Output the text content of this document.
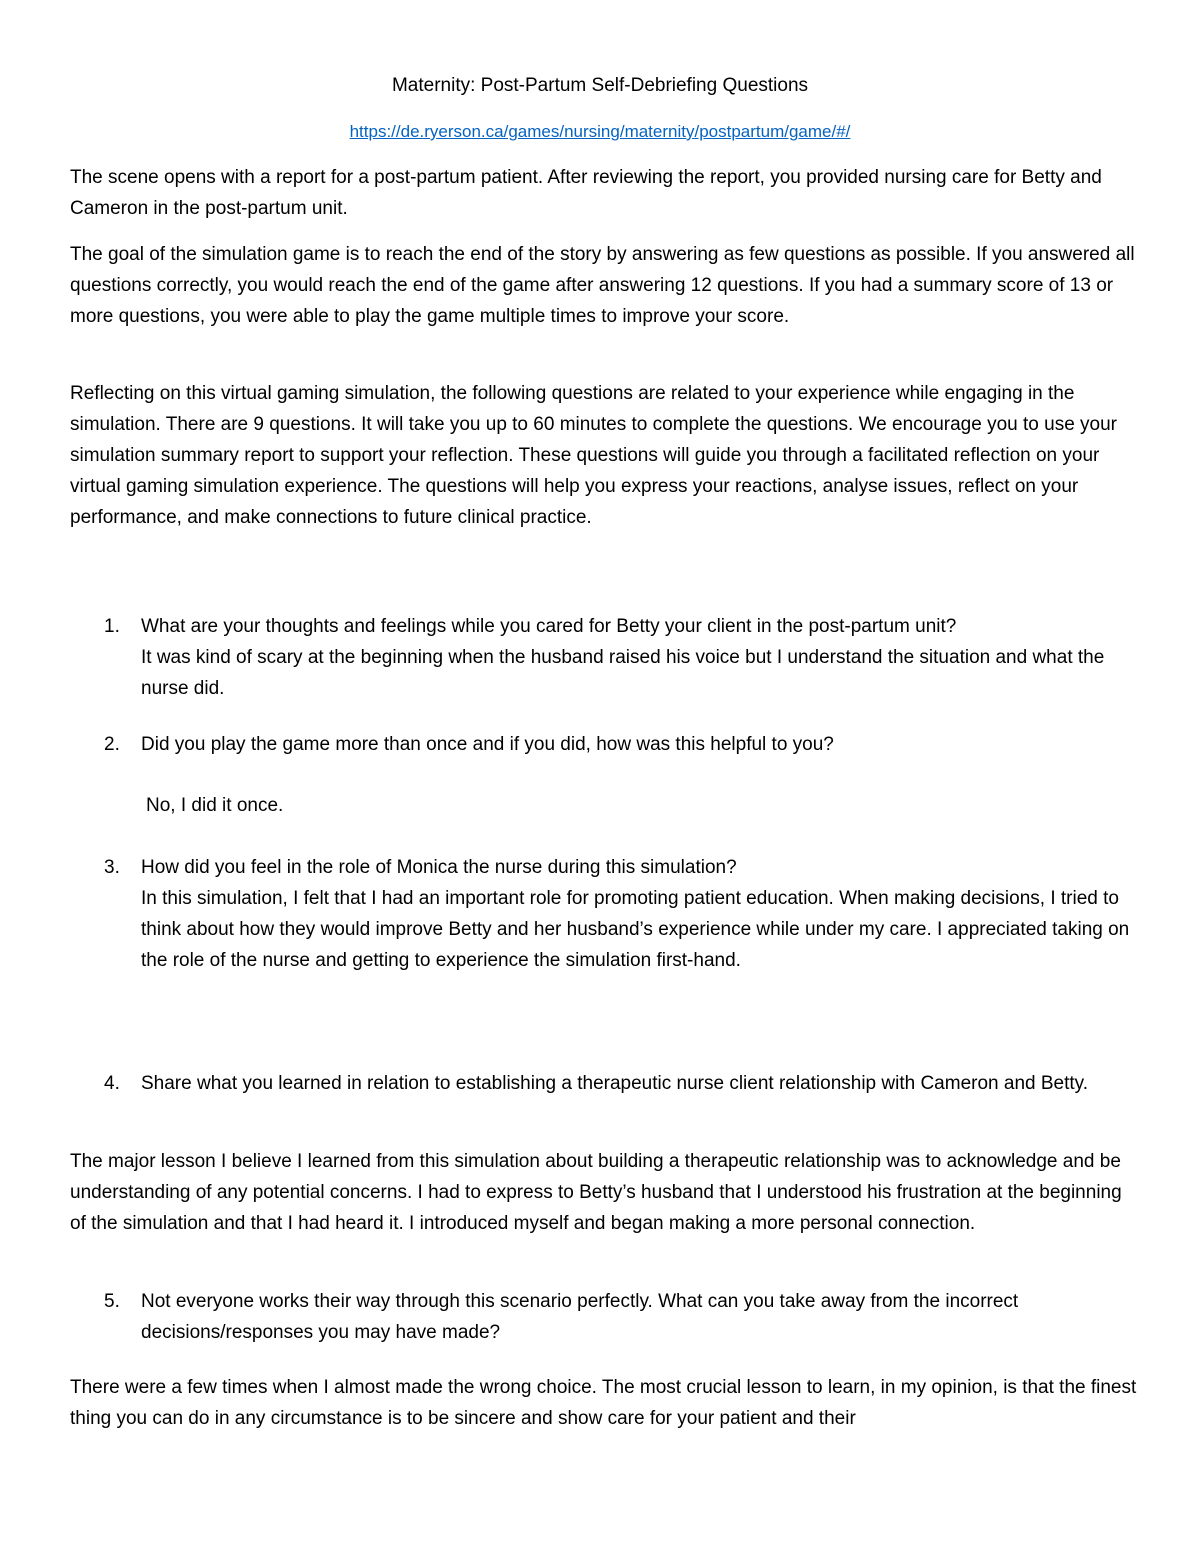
Maternity: Post-Partum Self-Debriefing Questions
https://de.ryerson.ca/games/nursing/maternity/postpartum/game/#/

The scene opens with a report for a post-partum patient. After reviewing the report, you provided nursing care for Betty and Cameron in the post-partum unit.

The goal of the simulation game is to reach the end of the story by answering as few questions as possible. If you answered all questions correctly, you would reach the end of the game after answering 12 questions. If you had a summary score of 13 or more questions, you were able to play the game multiple times to improve your score.

Reflecting on this virtual gaming simulation, the following questions are related to your experience while engaging in the simulation. There are 9 questions. It will take you up to 60 minutes to complete the questions. We encourage you to use your simulation summary report to support your reflection. These questions will guide you through a facilitated reflection on your virtual gaming simulation experience. The questions will help you express your reactions, analyse issues, reflect on your performance, and make connections to future clinical practice.

1.	What are your thoughts and feelings while you cared for Betty your client in the post-partum unit?
It was kind of scary at the beginning when the husband raised his voice but I understand the situation and what the nurse did.
2.	Did you play the game more than once and if you did, how was this helpful to you?
No, I did it once.
3.	How did you feel in the role of Monica the nurse during this simulation?
In this simulation, I felt that I had an important role for promoting patient education. When making decisions, I tried to think about how they would improve Betty and her husband’s experience while under my care. I appreciated taking on the role of the nurse and getting to experience the simulation first-hand.
4.	Share what you learned in relation to establishing a therapeutic nurse client relationship with Cameron and Betty.

The major lesson I believe I learned from this simulation about building a therapeutic relationship was to acknowledge and be understanding of any potential concerns. I had to express to Betty’s husband that I understood his frustration at the beginning of the simulation and that I had heard it. I introduced myself and began making a more personal connection.

5.	Not everyone works their way through this scenario perfectly. What can you take away from the incorrect decisions/responses you may have made?

There were a few times when I almost made the wrong choice. The most crucial lesson to learn, in my opinion, is that the finest thing you can do in any circumstance is to be sincere and show care for your patient and their
